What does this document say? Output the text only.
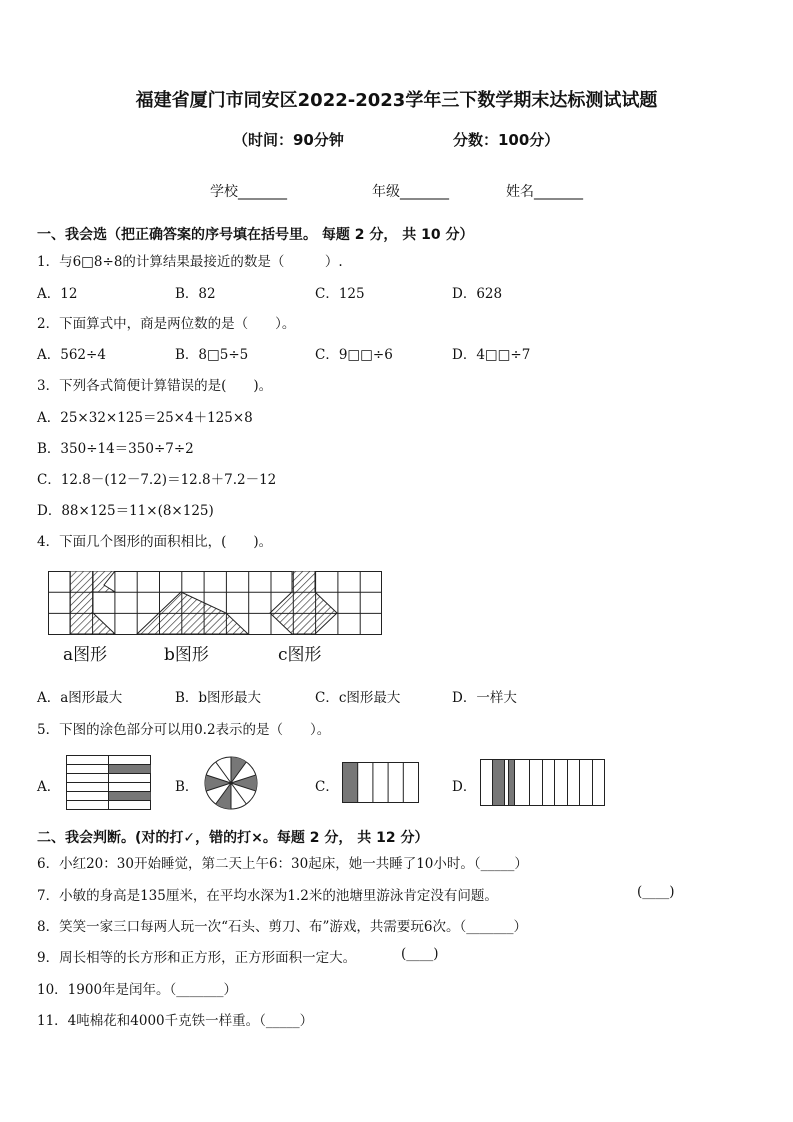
福建省厦门市同安区2022-2023学年三下数学期末达标测试试题
（时间：90分钟	分数：100分）
学校_______	年级_______	姓名_______
一、我会选（把正确答案的序号填在括号里。 每题 2 分， 共 10 分）
1．与6□8÷8的计算结果最接近的数是（　　　）.
A．12	B．82	C．125	D．628
2．下面算式中，商是两位数的是（　　）。
A．562÷4	B．8□5÷5	C．9□□÷6	D．4□□÷7
3．下列各式简便计算错误的是(　　)。
A．25×32×125＝25×4＋125×8
B．350÷14＝350÷7÷2
C．12.8－(12－7.2)＝12.8＋7.2－12
D．88×125＝11×(8×125)
4．下面几个图形的面积相比，(　　)。
a图形	b图形	c图形
A．a图形最大	B．b图形最大	C．c图形最大	D．一样大
5．下图的涂色部分可以用0.2表示的是（　　）。
A．	B．	C．	D．
二、我会判断。(对的打✓，错的打×。每题 2 分， 共 12 分）
6．小红20：30开始睡觉，第二天上午6：30起床，她一共睡了10小时。（_____）
7．小敏的身高是135厘米，在平均水深为1.2米的池塘里游泳肯定没有问题。	(____)
8．笑笑一家三口每两人玩一次“石头、剪刀、布”游戏，共需要玩6次。（_______）
9．周长相等的长方形和正方形，正方形面积一定大。	(____)
10．1900年是闰年。（_______）
11．4吨棉花和4000千克铁一样重。（_____）
